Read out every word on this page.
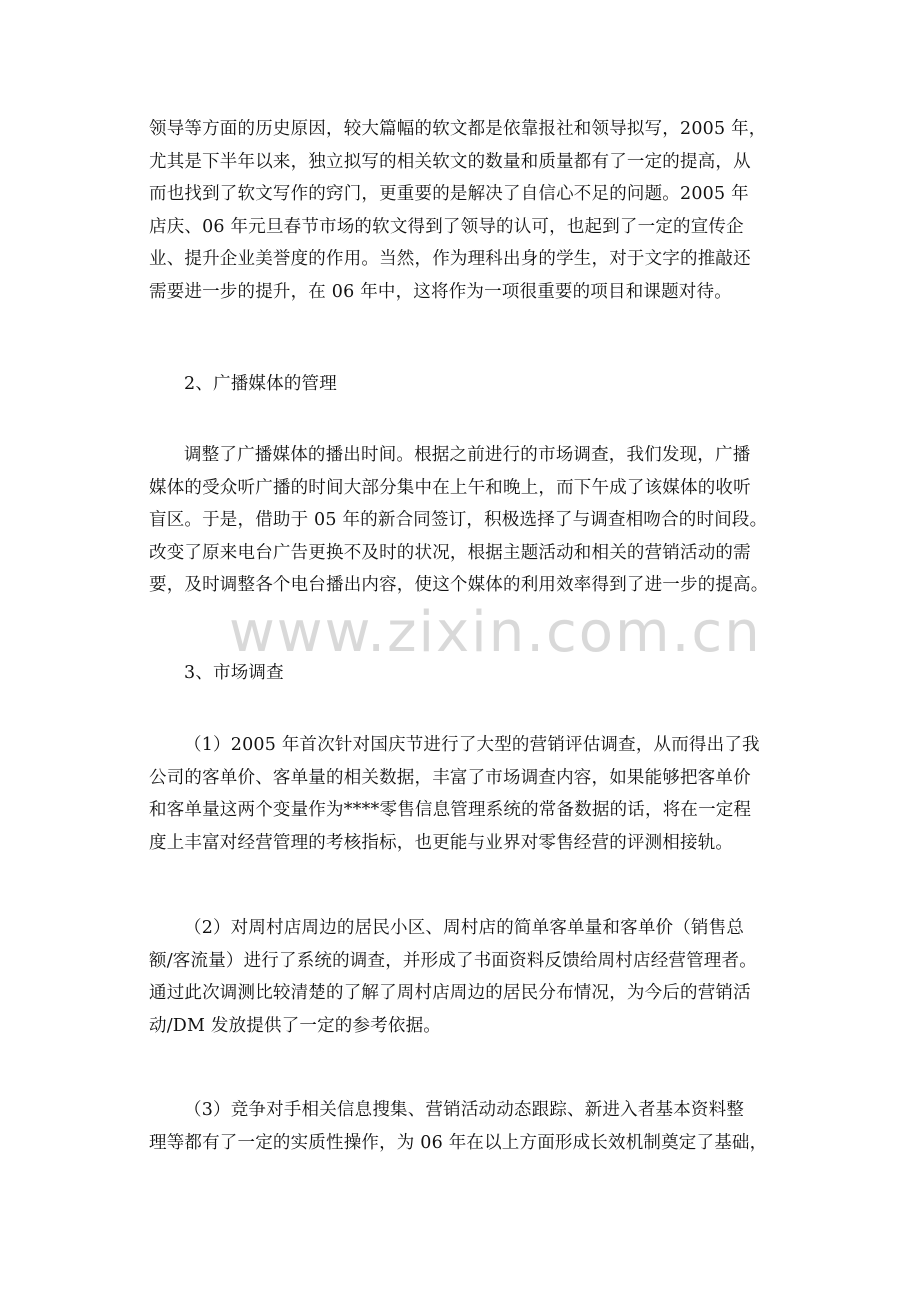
领导等方面的历史原因，较大篇幅的软文都是依靠报社和领导拟写，2005 年，
尤其是下半年以来，独立拟写的相关软文的数量和质量都有了一定的提高，从
而也找到了软文写作的窍门，更重要的是解决了自信心不足的问题。2005 年
店庆、06 年元旦春节市场的软文得到了领导的认可，也起到了一定的宣传企
业、提升企业美誉度的作用。当然，作为理科出身的学生，对于文字的推敲还
需要进一步的提升，在 06 年中，这将作为一项很重要的项目和课题对待。
2、广播媒体的管理
调整了广播媒体的播出时间。根据之前进行的市场调查，我们发现，广播
媒体的受众听广播的时间大部分集中在上午和晚上，而下午成了该媒体的收听
盲区。于是，借助于 05 年的新合同签订，积极选择了与调查相吻合的时间段。
改变了原来电台广告更换不及时的状况，根据主题活动和相关的营销活动的需
要，及时调整各个电台播出内容，使这个媒体的利用效率得到了进一步的提高。
www.zixin.com.cn
3、市场调查
（1）2005 年首次针对国庆节进行了大型的营销评估调查，从而得出了我
公司的客单价、客单量的相关数据，丰富了市场调查内容，如果能够把客单价
和客单量这两个变量作为****零售信息管理系统的常备数据的话，将在一定程
度上丰富对经营管理的考核指标，也更能与业界对零售经营的评测相接轨。
（2）对周村店周边的居民小区、周村店的简单客单量和客单价（销售总
额/客流量）进行了系统的调查，并形成了书面资料反馈给周村店经营管理者。
通过此次调测比较清楚的了解了周村店周边的居民分布情况，为今后的营销活
动/DM 发放提供了一定的参考依据。
（3）竞争对手相关信息搜集、营销活动动态跟踪、新进入者基本资料整
理等都有了一定的实质性操作，为 06 年在以上方面形成长效机制奠定了基础，
